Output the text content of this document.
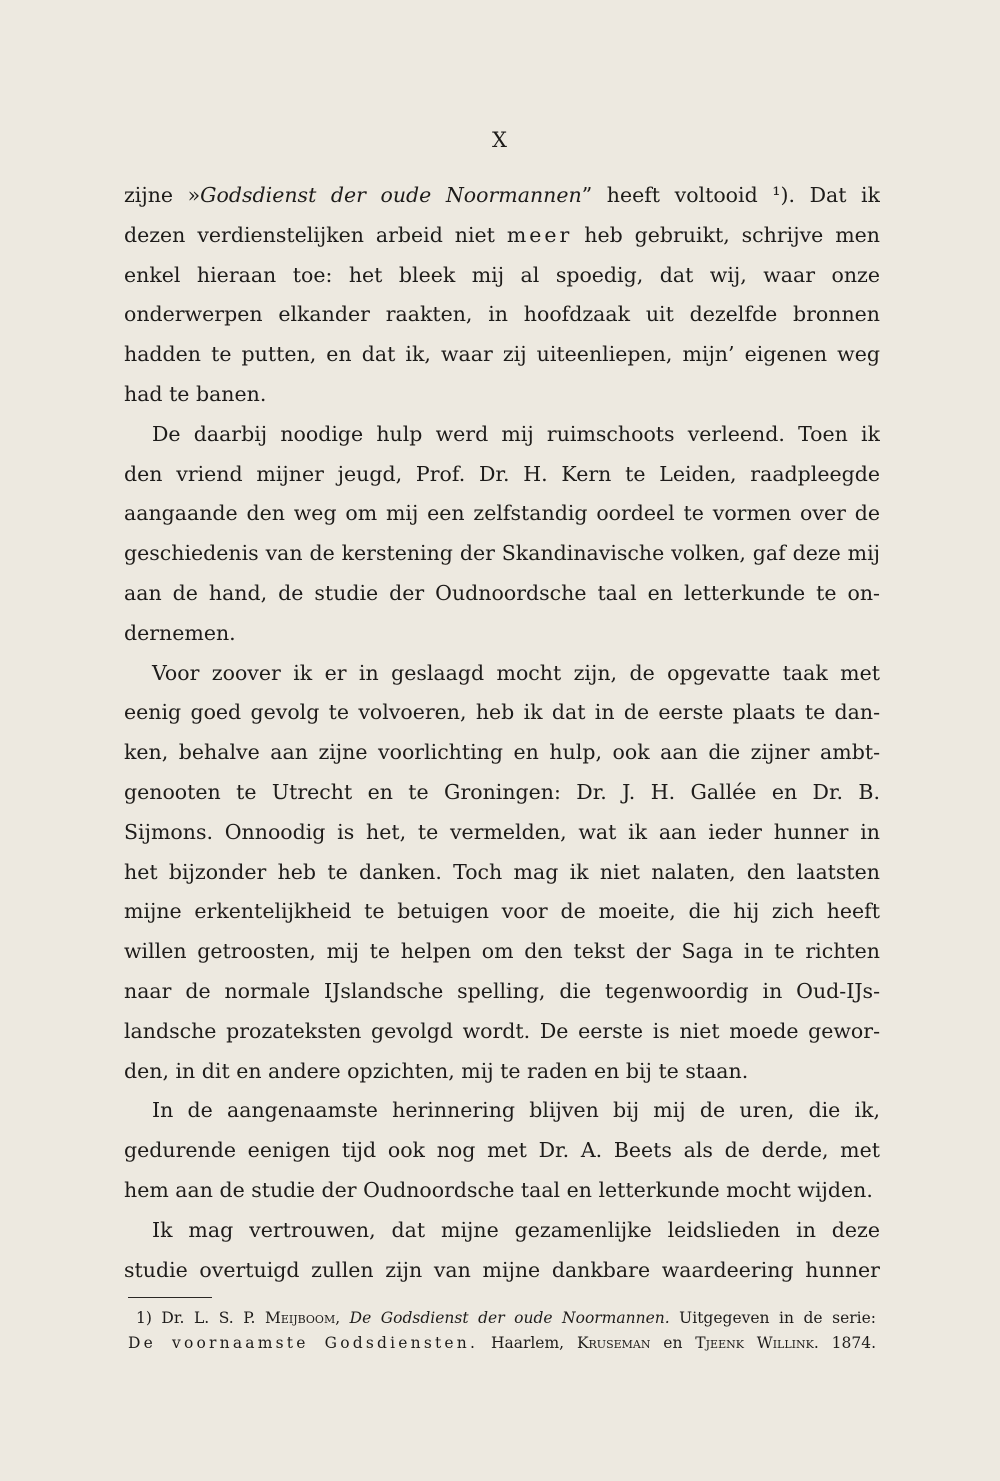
X
zijne »Godsdienst der oude Noormannen” heeft voltooid ¹). Dat ik
dezen verdienstelijken arbeid niet meer heb gebruikt, schrijve men
enkel hieraan toe: het bleek mij al spoedig, dat wij, waar onze
onderwerpen elkander raakten, in hoofdzaak uit dezelfde bronnen
hadden te putten, en dat ik, waar zij uiteenliepen, mijn’ eigenen weg
had te banen.
De daarbij noodige hulp werd mij ruimschoots verleend. Toen ik
den vriend mijner jeugd, Prof. Dr. H. Kern te Leiden, raadpleegde
aangaande den weg om mij een zelfstandig oordeel te vormen over de
geschiedenis van de kerstening der Skandinavische volken, gaf deze mij
aan de hand, de studie der Oudnoordsche taal en letterkunde te on-
dernemen.
Voor zoover ik er in geslaagd mocht zijn, de opgevatte taak met
eenig goed gevolg te volvoeren, heb ik dat in de eerste plaats te dan-
ken, behalve aan zijne voorlichting en hulp, ook aan die zijner ambt-
genooten te Utrecht en te Groningen: Dr. J. H. Gallée en Dr. B.
Sijmons. Onnoodig is het, te vermelden, wat ik aan ieder hunner in
het bijzonder heb te danken. Toch mag ik niet nalaten, den laatsten
mijne erkentelijkheid te betuigen voor de moeite, die hij zich heeft
willen getroosten, mij te helpen om den tekst der Saga in te richten
naar de normale IJslandsche spelling, die tegenwoordig in Oud-IJs-
landsche prozateksten gevolgd wordt. De eerste is niet moede gewor-
den, in dit en andere opzichten, mij te raden en bij te staan.
In de aangenaamste herinnering blijven bij mij de uren, die ik,
gedurende eenigen tijd ook nog met Dr. A. Beets als de derde, met
hem aan de studie der Oudnoordsche taal en letterkunde mocht wijden.
Ik mag vertrouwen, dat mijne gezamenlijke leidslieden in deze
studie overtuigd zullen zijn van mijne dankbare waardeering hunner
1) Dr. L. S. P. Meijboom, De Godsdienst der oude Noormannen. Uitgegeven in de serie:
De voornaamste Godsdiensten. Haarlem, Kruseman en Tjeenk Willink. 1874.
